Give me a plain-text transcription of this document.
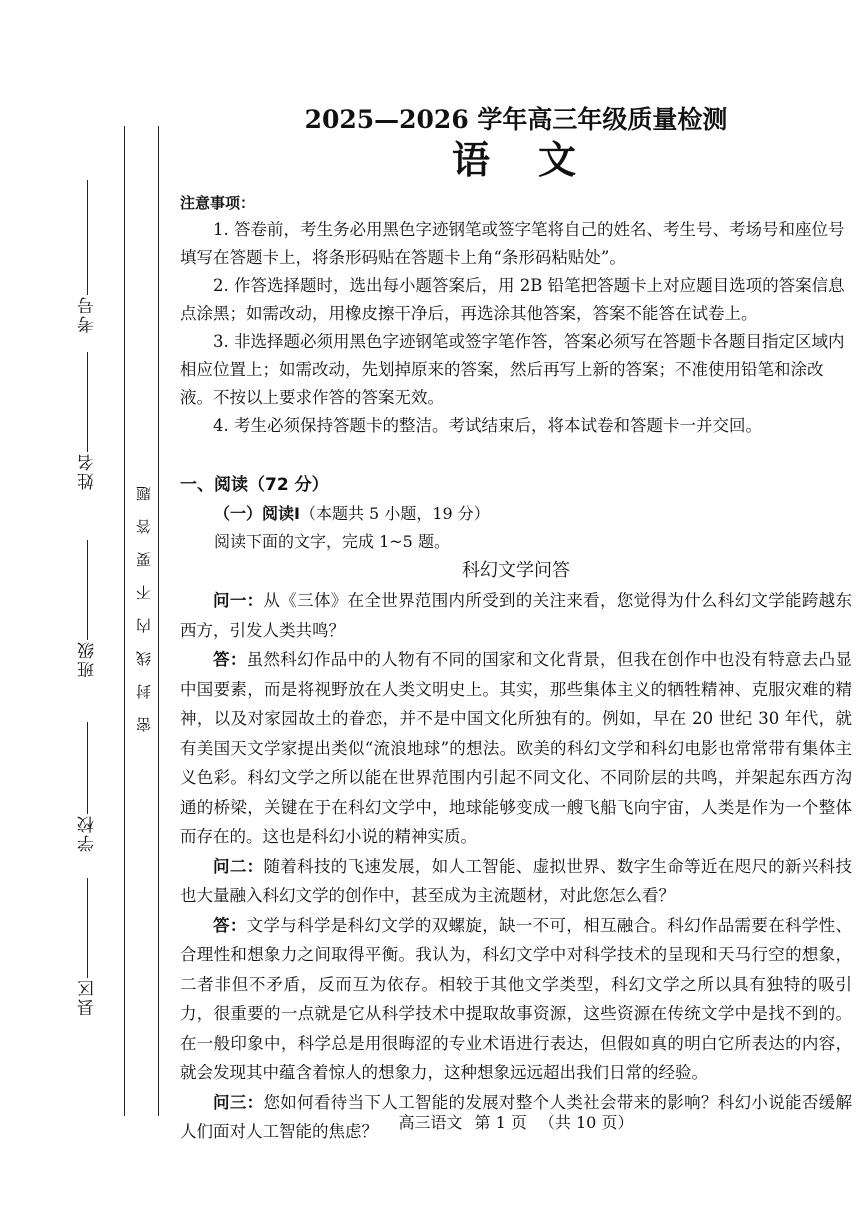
考号
姓名
班级
学校
县区
密封线内不要答题
2025—2026 学年高三年级质量检测
语文

注意事项：

1. 答卷前，考生务必用黑色字迹钢笔或签字笔将自己的姓名、考生号、考场号和座位号填写在答题卡上，将条形码贴在答题卡上角“条形码粘贴处”。

2. 作答选择题时，选出每小题答案后，用 2B 铅笔把答题卡上对应题目选项的答案信息点涂黑；如需改动，用橡皮擦干净后，再选涂其他答案，答案不能答在试卷上。

3. 非选择题必须用黑色字迹钢笔或签字笔作答，答案必须写在答题卡各题目指定区域内相应位置上；如需改动，先划掉原来的答案，然后再写上新的答案；不准使用铅笔和涂改液。不按以上要求作答的答案无效。

4. 考生必须保持答题卡的整洁。考试结束后，将本试卷和答题卡一并交回。

一、阅读（72 分）

（一）阅读Ⅰ（本题共 5 小题，19 分）

阅读下面的文字，完成 1~5 题。

科幻文学问答

问一：从《三体》在全世界范围内所受到的关注来看，您觉得为什么科幻文学能跨越东西方，引发人类共鸣？

答：虽然科幻作品中的人物有不同的国家和文化背景，但我在创作中也没有特意去凸显中国要素，而是将视野放在人类文明史上。其实，那些集体主义的牺牲精神、克服灾难的精神，以及对家园故土的眷恋，并不是中国文化所独有的。例如，早在 20 世纪 30 年代，就有美国天文学家提出类似“流浪地球”的想法。欧美的科幻文学和科幻电影也常常带有集体主义色彩。科幻文学之所以能在世界范围内引起不同文化、不同阶层的共鸣，并架起东西方沟通的桥梁，关键在于在科幻文学中，地球能够变成一艘飞船飞向宇宙，人类是作为一个整体而存在的。这也是科幻小说的精神实质。

问二：随着科技的飞速发展，如人工智能、虚拟世界、数字生命等近在咫尺的新兴科技也大量融入科幻文学的创作中，甚至成为主流题材，对此您怎么看？

答：文学与科学是科幻文学的双螺旋，缺一不可，相互融合。科幻作品需要在科学性、合理性和想象力之间取得平衡。我认为，科幻文学中对科学技术的呈现和天马行空的想象，二者非但不矛盾，反而互为依存。相较于其他文学类型，科幻文学之所以具有独特的吸引力，很重要的一点就是它从科学技术中提取故事资源，这些资源在传统文学中是找不到的。在一般印象中，科学总是用很晦涩的专业术语进行表达，但假如真的明白它所表达的内容，就会发现其中蕴含着惊人的想象力，这种想象远远超出我们日常的经验。

问三：您如何看待当下人工智能的发展对整个人类社会带来的影响？科幻小说能否缓解人们面对人工智能的焦虑？	高三语文 第 1 页 （共 10 页）
